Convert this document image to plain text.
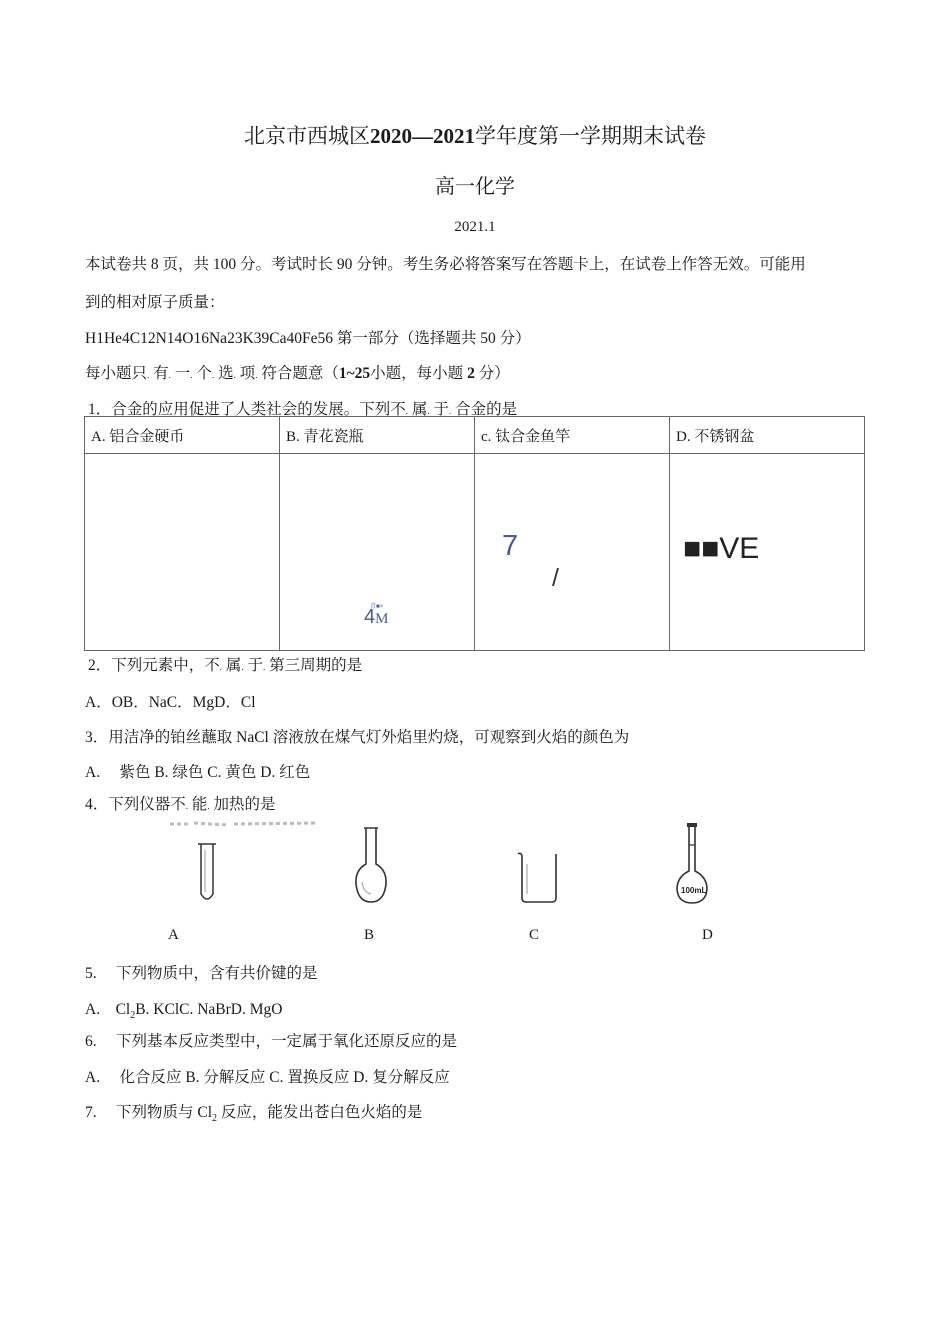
北京市西城区2020—2021学年度第一学期期末试卷
高一化学
2021.1
本试卷共 8 页，共 100 分。考试时长 90 分钟。考生务必将答案写在答题卡上，在试卷上作答无效。可能用
到的相对原子质量：
H1He4C12N14O16Na23K39Ca40Fe56 第一部分（选择题共 50 分）
每小题只. 有. 一. 个. 选. 项. 符合题意（1~25小题，每小题 2 分）
1．合金的应用促进了人类社会的发展。下列不. 属. 于. 合金的是
A. 铝合金硬币	B. 青花瓷瓶	c. 钛合金鱼竿	D. 不锈钢盆

	青■>
4M	7
/	■■VE
2．下列元素中，不. 属. 于. 第三周期的是
A．OB．NaC．MgD．Cl
3．用洁净的铂丝蘸取 NaCl 溶液放在煤气灯外焰里灼烧，可观察到火焰的颜色为
A.　 紫色 B. 绿色 C. 黄色 D. 红色
4．下列仪器不. 能. 加热的是
100mL
A	B	C	D
5.　 下列物质中，含有共价键的是
A.　$Cl_2B$. KClC. NaBrD. MgO
6.　 下列基本反应类型中，一定属于氧化还原反应的是
A.　 化合反应 B. 分解反应 C. 置换反应 D. 复分解反应
7.　 下列物质与 $Cl_2$ 反应，能发出苍白色火焰的是
